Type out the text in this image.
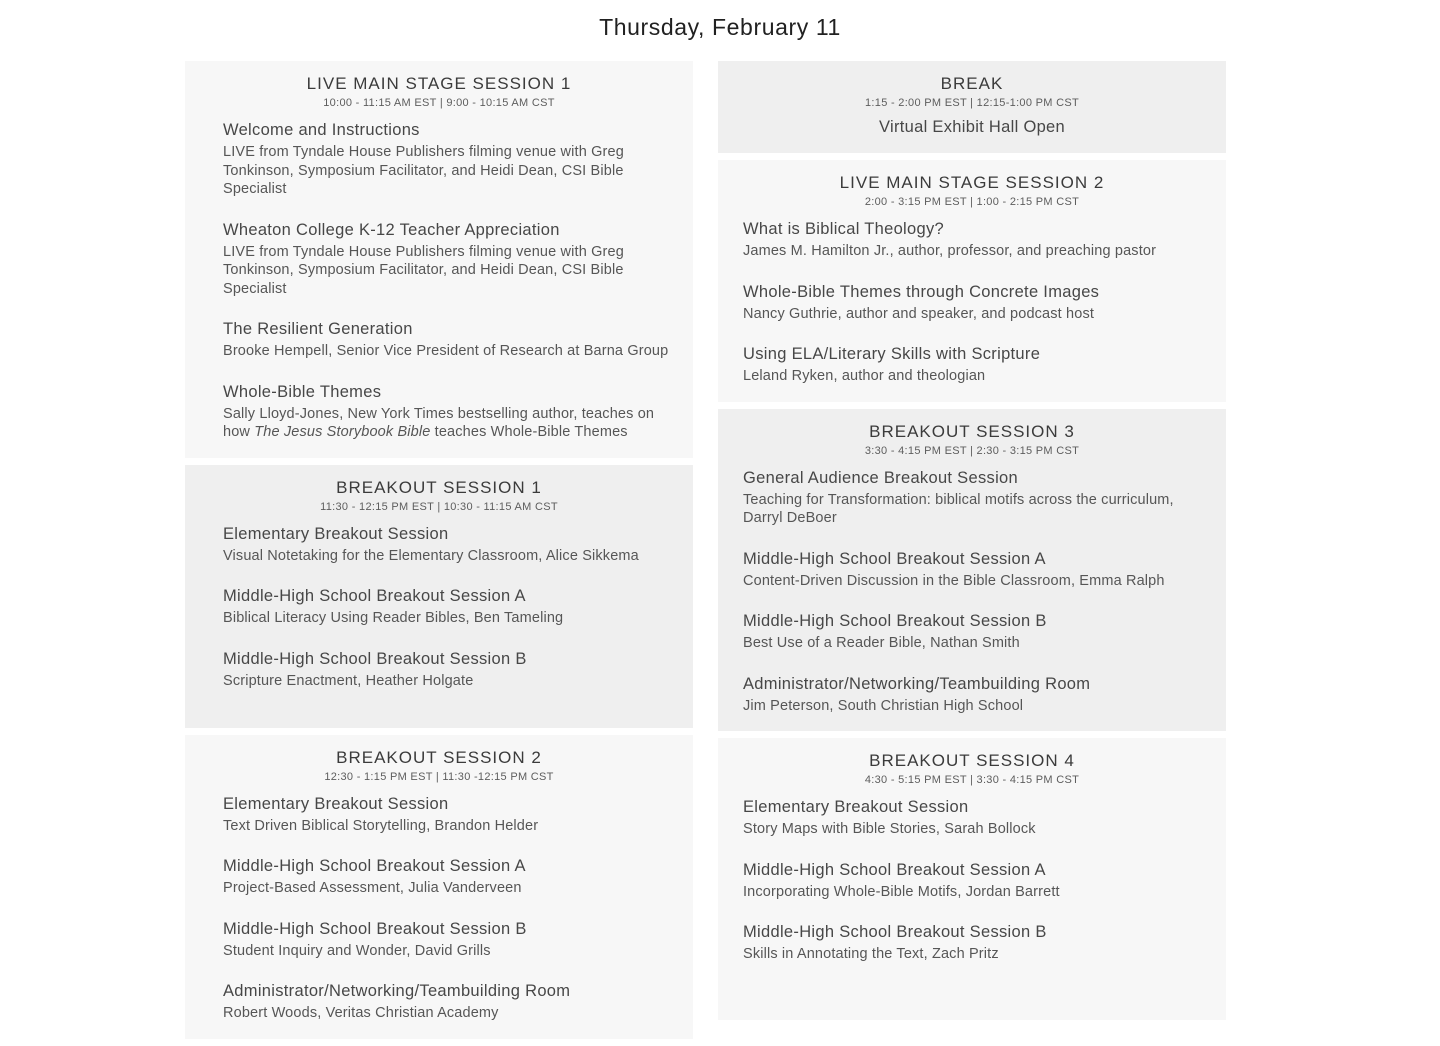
Thursday, February 11
LIVE MAIN STAGE SESSION 1
10:00 - 11:15 AM EST | 9:00 - 10:15 AM CST
Welcome and Instructions
LIVE from Tyndale House Publishers filming venue with Greg Tonkinson, Symposium Facilitator, and Heidi Dean, CSI Bible Specialist
Wheaton College K-12 Teacher Appreciation
LIVE from Tyndale House Publishers filming venue with Greg Tonkinson, Symposium Facilitator, and Heidi Dean, CSI Bible Specialist
The Resilient Generation
Brooke Hempell, Senior Vice President of Research at Barna Group
Whole-Bible Themes
Sally Lloyd-Jones, New York Times bestselling author, teaches on how The Jesus Storybook Bible teaches Whole-Bible Themes
BREAKOUT SESSION 1
11:30 - 12:15 PM EST | 10:30 - 11:15 AM CST
Elementary Breakout Session
Visual Notetaking for the Elementary Classroom, Alice Sikkema
Middle-High School Breakout Session A
Biblical Literacy Using Reader Bibles, Ben Tameling
Middle-High School Breakout Session B
Scripture Enactment, Heather Holgate
BREAKOUT SESSION 2
12:30 - 1:15 PM EST | 11:30 -12:15 PM CST
Elementary Breakout Session
Text Driven Biblical Storytelling, Brandon Helder
Middle-High School Breakout Session A
Project-Based Assessment, Julia Vanderveen
Middle-High School Breakout Session B
Student Inquiry and Wonder, David Grills
Administrator/Networking/Teambuilding Room
Robert Woods, Veritas Christian Academy
BREAK
1:15 - 2:00 PM EST | 12:15-1:00 PM CST
Virtual Exhibit Hall Open
LIVE MAIN STAGE SESSION 2
2:00 - 3:15 PM EST | 1:00 - 2:15 PM CST
What is Biblical Theology?
James M. Hamilton Jr., author, professor, and preaching pastor
Whole-Bible Themes through Concrete Images
Nancy Guthrie, author and speaker, and podcast host
Using ELA/Literary Skills with Scripture
Leland Ryken, author and theologian
BREAKOUT SESSION 3
3:30 - 4:15 PM EST | 2:30 - 3:15 PM CST
General Audience Breakout Session
Teaching for Transformation: biblical motifs across the curriculum, Darryl DeBoer
Middle-High School Breakout Session A
Content-Driven Discussion in the Bible Classroom, Emma Ralph
Middle-High School Breakout Session B
Best Use of a Reader Bible, Nathan Smith
Administrator/Networking/Teambuilding Room
Jim Peterson, South Christian High School
BREAKOUT SESSION 4
4:30 - 5:15 PM EST | 3:30 - 4:15 PM CST
Elementary Breakout Session
Story Maps with Bible Stories, Sarah Bollock
Middle-High School Breakout Session A
Incorporating Whole-Bible Motifs, Jordan Barrett
Middle-High School Breakout Session B
Skills in Annotating the Text, Zach Pritz
